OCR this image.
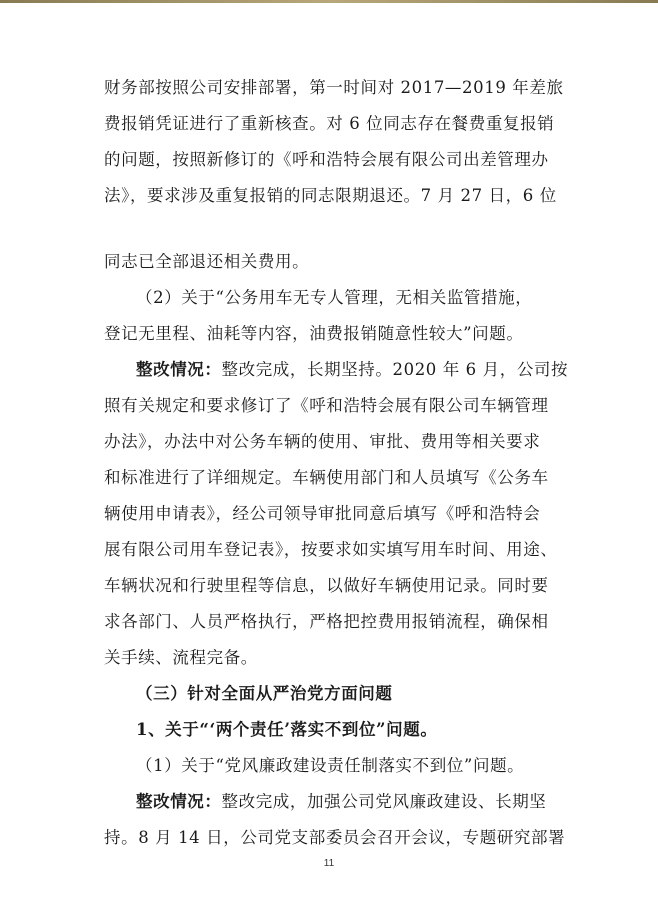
财务部按照公司安排部署，第一时间对 2017—2019 年差旅
费报销凭证进行了重新核查。对 6 位同志存在餐费重复报销
的问题，按照新修订的《呼和浩特会展有限公司出差管理办
法》，要求涉及重复报销的同志限期退还。7 月 27 日，6 位
同志已全部退还相关费用。
（2）关于“公务用车无专人管理，无相关监管措施，
登记无里程、油耗等内容，油费报销随意性较大”问题。
整改情况：整改完成，长期坚持。2020 年 6 月，公司按
照有关规定和要求修订了《呼和浩特会展有限公司车辆管理
办法》，办法中对公务车辆的使用、审批、费用等相关要求
和标准进行了详细规定。车辆使用部门和人员填写《公务车
辆使用申请表》，经公司领导审批同意后填写《呼和浩特会
展有限公司用车登记表》，按要求如实填写用车时间、用途、
车辆状况和行驶里程等信息，以做好车辆使用记录。同时要
求各部门、人员严格执行，严格把控费用报销流程，确保相
关手续、流程完备。
（三）针对全面从严治党方面问题
1、关于“‘两个责任’落实不到位”问题。
（1）关于“党风廉政建设责任制落实不到位”问题。
整改情况：整改完成，加强公司党风廉政建设、长期坚
持。8 月 14 日，公司党支部委员会召开会议，专题研究部署
11
